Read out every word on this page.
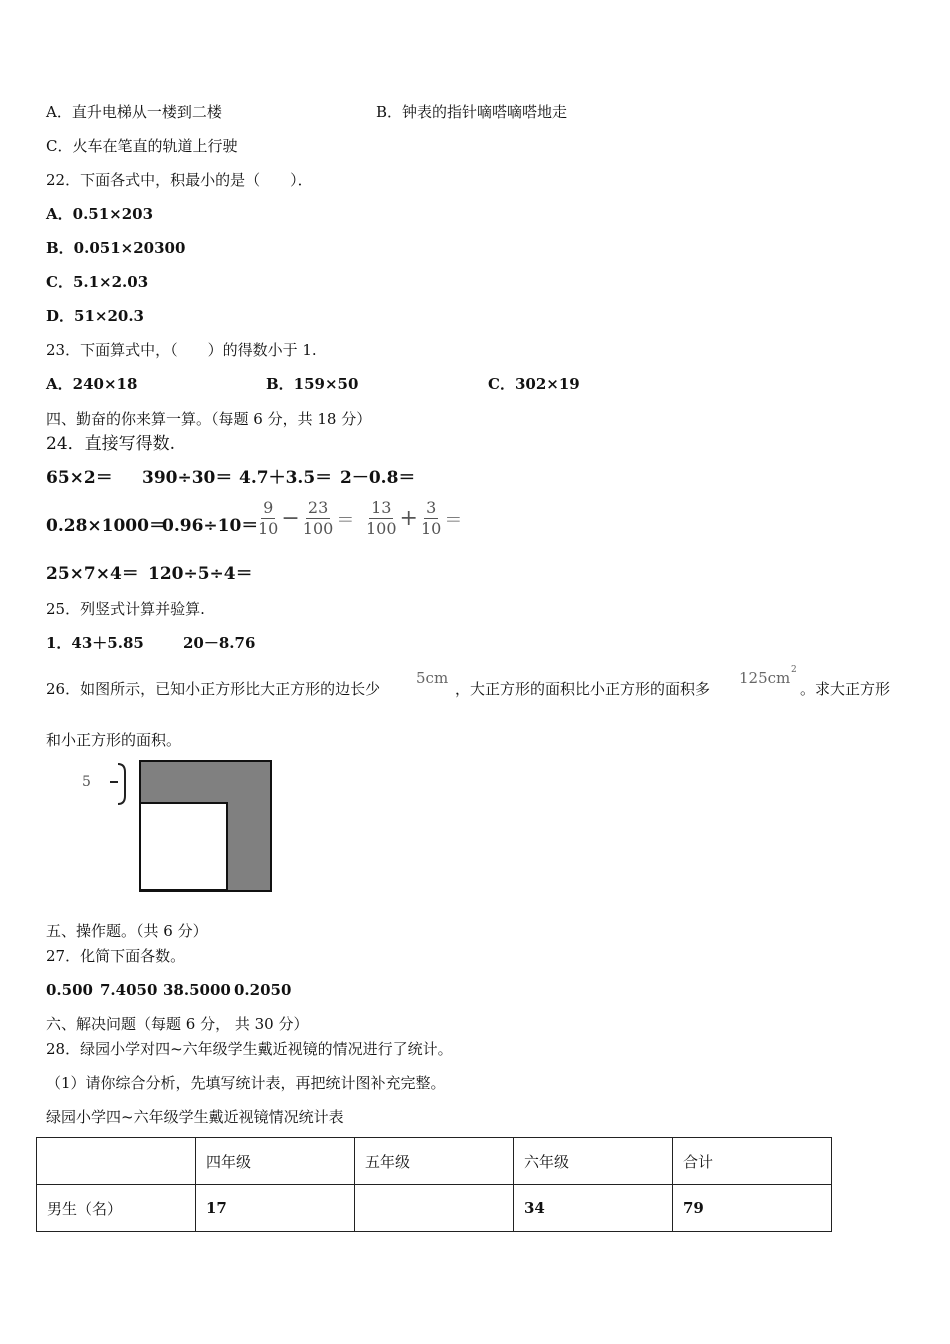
A．直升电梯从一楼到二楼	B．钟表的指针嘀嗒嘀嗒地走
C．火车在笔直的轨道上行驶
22．下面各式中，积最小的是（　　）．
A．0.51×203
B．0.051×20300
C．5.1×2.03
D．51×20.3
23．下面算式中，（　　）的得数小于 1.
A．240×18	B．159×50	C．302×19
四、勤奋的你来算一算。（每题 6 分，共 18 分）
24．直接写得数.
65×2＝ 390÷30＝ 4.7＋3.5＝ 2－0.8＝
0.28×1000＝
0.96÷10＝
$\frac{9}{10} - \frac{23}{100} = \frac{13}{100} + \frac{3}{10}$ ＝
25×7×4＝ 120÷5÷4＝
25．列竖式计算并验算.
1．43＋5.85	20－8.76
26．如图所示，已知小正方形比大正方形的边长少
5cm
，大正方形的面积比小正方形的面积多
125cm 2
。求大正方形
和小正方形的面积。
5
五、操作题。（共 6 分）
27．化简下面各数。
0.500 7.4050 38.5000 0.2050
六、解决问题（每题 6 分， 共 30 分）
28．绿园小学对四~六年级学生戴近视镜的情况进行了统计。
（1）请你综合分析，先填写统计表，再把统计图补充完整。
绿园小学四~六年级学生戴近视镜情况统计表
	四年级	五年级	六年级	合计
男生（名）	17		34	79
